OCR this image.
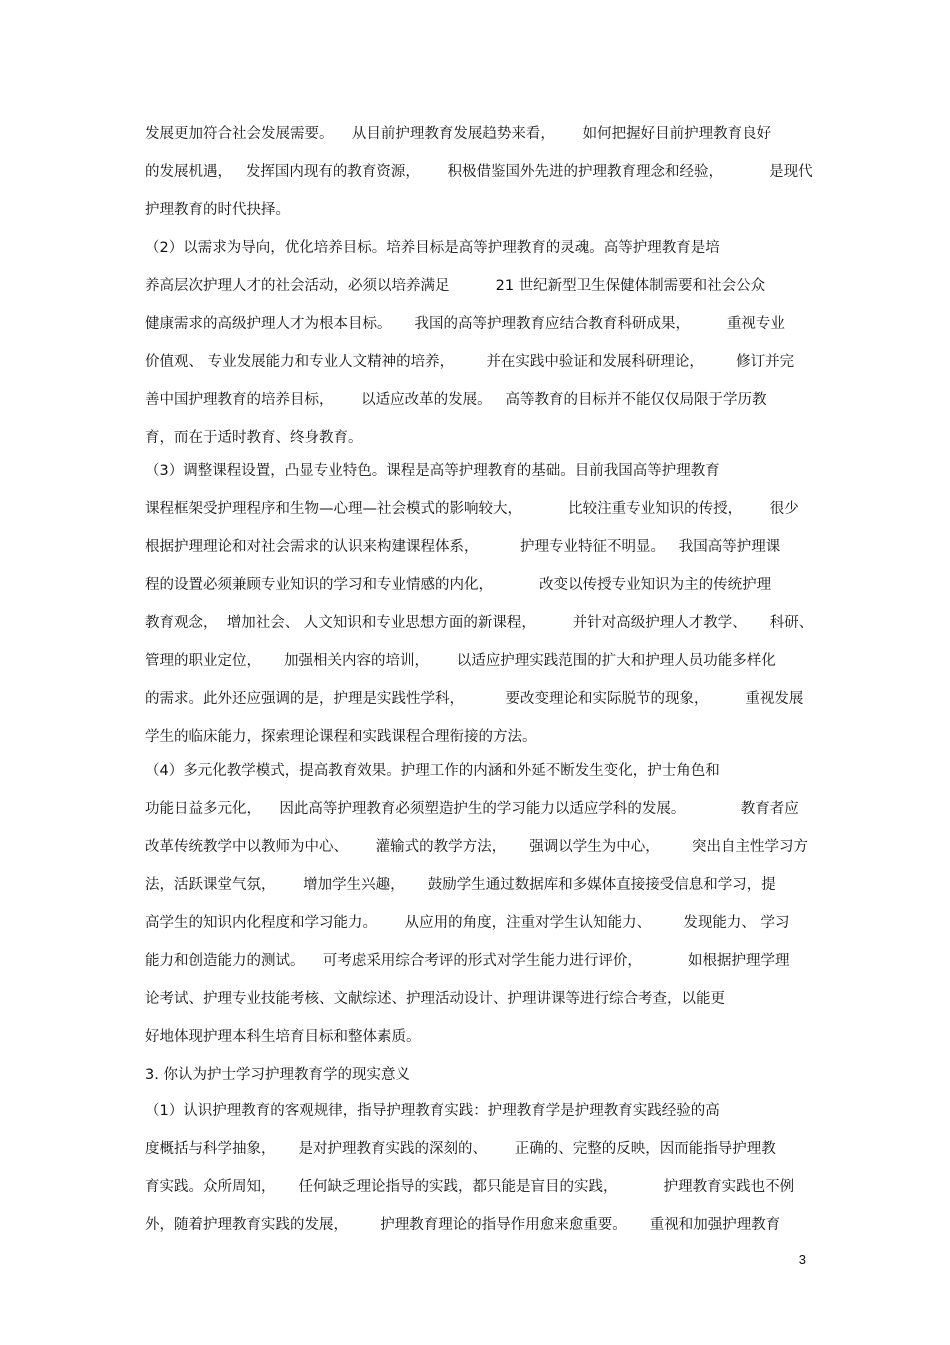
发展更加符合社会发展需要。    从目前护理教育发展趋势来看，      如何把握好目前护理教育良好
的发展机遇，   发挥国内现有的教育资源，      积极借鉴国外先进的护理教育理念和经验，          是现代
护理教育的时代抉择。
（2）以需求为导向，优化培养目标。培养目标是高等护理教育的灵魂。高等护理教育是培
养高层次护理人才的社会活动，必须以培养满足          21 世纪新型卫生保健体制需要和社会公众
健康需求的高级护理人才为根本目标。     我国的高等护理教育应结合教育科研成果，        重视专业
价值观、 专业发展能力和专业人文精神的培养，       并在实践中验证和发展科研理论，       修订并完
善中国护理教育的培养目标，      以适应改革的发展。   高等教育的目标并不能仅仅局限于学历教
育，而在于适时教育、终身教育。
（3）调整课程设置，凸显专业特色。课程是高等护理教育的基础。目前我国高等护理教育
课程框架受护理程序和生物—心理—社会模式的影响较大，          比较注重专业知识的传授，      很少
根据护理理论和对社会需求的认识来构建课程体系，         护理专业特征不明显。   我国高等护理课
程的设置必须兼顾专业知识的学习和专业情感的内化，          改变以传授专业知识为主的传统护理
教育观念，  增加社会、 人文知识和专业思想方面的新课程，        并针对高级护理人才教学、     科研、
管理的职业定位，     加强相关内容的培训，      以适应护理实践范围的扩大和护理人员功能多样化
的需求。此外还应强调的是，护理是实践性学科，         要改变理论和实际脱节的现象，        重视发展
学生的临床能力，探索理论课程和实践课程合理衔接的方法。
（4）多元化教学模式，提高教育效果。护理工作的内涵和外延不断发生变化，护士角色和
功能日益多元化，    因此高等护理教育必须塑造护生的学习能力以适应学科的发展。            教育者应
改革传统教学中以教师为中心、      灌输式的教学方法，     强调以学生为中心，       突出自主性学习方
法，活跃课堂气氛，      增加学生兴趣，     鼓励学生通过数据库和多媒体直接接受信息和学习，提
高学生的知识内化程度和学习能力。      从应用的角度，注重对学生认知能力、       发现能力、 学习
能力和创造能力的测试。    可考虑采用综合考评的形式对学生能力进行评价，          如根据护理学理
论考试、护理专业技能考核、文献综述、护理活动设计、护理讲课等进行综合考查，以能更
好地体现护理本科生培育目标和整体素质。
3. 你认为护士学习护理教育学的现实意义
（1）认识护理教育的客观规律，指导护理教育实践：护理教育学是护理教育实践经验的高
度概括与科学抽象，     是对护理教育实践的深刻的、      正确的、完整的反映，因而能指导护理教
育实践。众所周知，     任何缺乏理论指导的实践，都只能是盲目的实践，          护理教育实践也不例
外，随着护理教育实践的发展，       护理教育理论的指导作用愈来愈重要。     重视和加强护理教育
3
